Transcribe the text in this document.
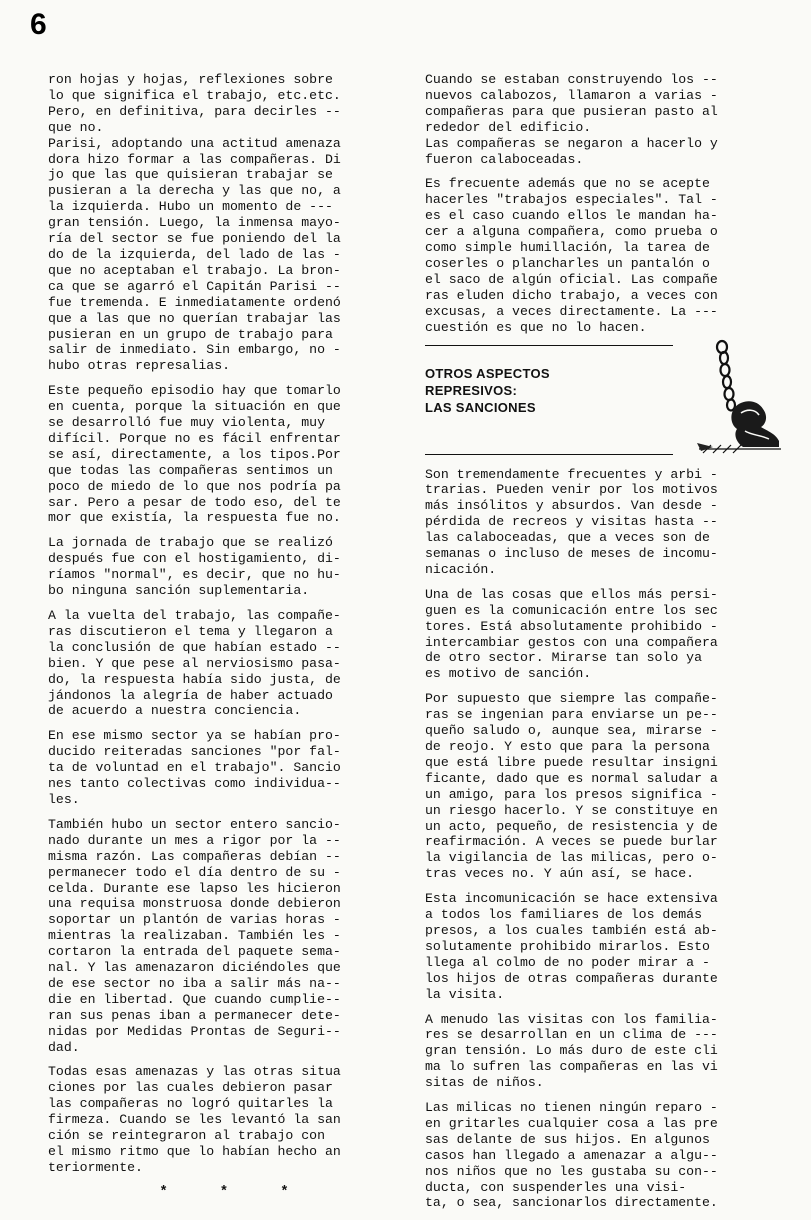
6

ron hojas y hojas, reflexiones sobre
lo que significa el trabajo, etc.etc.
Pero, en definitiva, para decirles --
que no.
Parisi, adoptando una actitud amenaza
dora hizo formar a las compañeras. Di
jo que las que quisieran trabajar se
pusieran a la derecha y las que no, a
la izquierda. Hubo un momento de ---
gran tensión. Luego, la inmensa mayo-
ría del sector se fue poniendo del la
do de la izquierda, del lado de las -
que no aceptaban el trabajo. La bron-
ca que se agarró el Capitán Parisi --
fue tremenda. E inmediatamente ordenó
que a las que no querían trabajar las
pusieran en un grupo de trabajo para
salir de inmediato. Sin embargo, no -
hubo otras represalias.

Este pequeño episodio hay que tomarlo
en cuenta, porque la situación en que
se desarrolló fue muy violenta, muy
difícil. Porque no es fácil enfrentar
se así, directamente, a los tipos.Por
que todas las compañeras sentimos un
poco de miedo de lo que nos podría pa
sar. Pero a pesar de todo eso, del te
mor que existía, la respuesta fue no.

La jornada de trabajo que se realizó
después fue con el hostigamiento, di-
ríamos "normal", es decir, que no hu-
bo ninguna sanción suplementaria.

A la vuelta del trabajo, las compañe-
ras discutieron el tema y llegaron a
la conclusión de que habían estado --
bien. Y que pese al nerviosismo pasa-
do, la respuesta había sido justa, de
jándonos la alegría de haber actuado
de acuerdo a nuestra conciencia.

En ese mismo sector ya se habían pro-
ducido reiteradas sanciones "por fal-
ta de voluntad en el trabajo". Sancio
nes tanto colectivas como individua--
les.

También hubo un sector entero sancio-
nado durante un mes a rigor por la --
misma razón. Las compañeras debían --
permanecer todo el día dentro de su -
celda. Durante ese lapso les hicieron
una requisa monstruosa donde debieron
soportar un plantón de varias horas -
mientras la realizaban. También les -
cortaron la entrada del paquete sema-
nal. Y las amenazaron diciéndoles que
de ese sector no iba a salir más na--
die en libertad. Que cuando cumplie--
ran sus penas iban a permanecer dete-
nidas por Medidas Prontas de Seguri--
dad.

Todas esas amenazas y las otras situa
ciones por las cuales debieron pasar
las compañeras no logró quitarles la
firmeza. Cuando se les levantó la san
ción se reintegraron al trabajo con
el mismo ritmo que lo habían hecho an
teriormente.

*	*	*

Cuando se estaban construyendo los --
nuevos calabozos, llamaron a varias -
compañeras para que pusieran pasto al
rededor del edificio.
Las compañeras se negaron a hacerlo y
fueron calaboceadas.

Es frecuente además que no se acepte
hacerles "trabajos especiales". Tal -
es el caso cuando ellos le mandan ha-
cer a alguna compañera, como prueba o
como simple humillación, la tarea de
coserles o plancharles un pantalón o
el saco de algún oficial. Las compañe
ras eluden dicho trabajo, a veces con
excusas, a veces directamente. La ---
cuestión es que no lo hacen.

OTROS ASPECTOS
REPRESIVOS:
LAS SANCIONES

Son tremendamente frecuentes y arbi -
trarias. Pueden venir por los motivos
más insólitos y absurdos. Van desde -
pérdida de recreos y visitas hasta --
las calaboceadas, que a veces son de
semanas o incluso de meses de incomu-
nicación.

Una de las cosas que ellos más persi-
guen es la comunicación entre los sec
tores. Está absolutamente prohibido -
intercambiar gestos con una compañera
de otro sector. Mirarse tan solo ya
es motivo de sanción.

Por supuesto que siempre las compañe-
ras se ingenian para enviarse un pe--
queño saludo o, aunque sea, mirarse -
de reojo. Y esto que para la persona
que está libre puede resultar insigni
ficante, dado que es normal saludar a
un amigo, para los presos significa -
un riesgo hacerlo. Y se constituye en
un acto, pequeño, de resistencia y de
reafirmación. A veces se puede burlar
la vigilancia de las milicas, pero o-
tras veces no. Y aún así, se hace.

Esta incomunicación se hace extensiva
a todos los familiares de los demás
presos, a los cuales también está ab-
solutamente prohibido mirarlos. Esto
llega al colmo de no poder mirar a -
los hijos de otras compañeras durante
la visita.

A menudo las visitas con los familia-
res se desarrollan en un clima de ---
gran tensión. Lo más duro de este cli
ma lo sufren las compañeras en las vi
sitas de niños.

Las milicas no tienen ningún reparo -
en gritarles cualquier cosa a las pre
sas delante de sus hijos. En algunos
casos han llegado a amenazar a algu--
nos niños que no les gustaba su con--
ducta, con suspenderles una visi-
ta, o sea, sancionarlos directamente.
